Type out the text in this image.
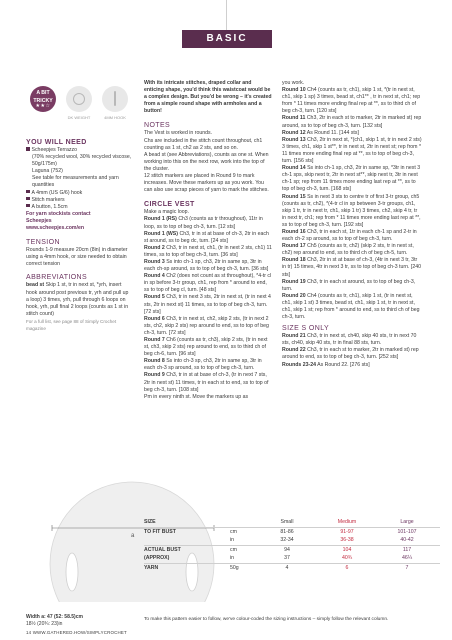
BASIC CIRCLE
A BIT
TRICKY
★★☆
DK WEIGHT	4MM HOOK
YOU WILL NEED
Scheepjes Terrazzo
(70% recycled wool, 30% recycled viscose, 50g/175m)
Laguna (752)
See table for measurements and yarn quantities
A 4mm (US G/6) hook
Stitch markers
A button, 1.5cm
For yarn stockists contact
Scheepjes
www.scheepjes.com/en
TENSION
Rounds 1-9 measure 20cm (8in) in diameter using a 4mm hook, or size needed to obtain correct tension
ABBREVIATIONS
bead st Skip 1 st, tr in next st, *yrh, insert hook around post previous tr, yrh and pull up a loop) 3 times, yrh, pull through 6 loops on hook, yrh, pull final 2 loops (counts as 1 st in stitch count)
For a full list, see page 88 of Simply Crochet magazine
With its intricate stitches, draped collar and enticing shape, you'd think this waistcoat would be a complex design. But you'd be wrong – it's created from a simple round shape with armholes and a button!
NOTES
The Vest is worked in rounds.
Chs are included in the stitch count throughout, ch1 counting as 1 st, ch2 as 2 sts, and so on.
A bead st (see Abbreviations), counts as one st. When working into this on the next row, work into the top of the cluster.
12 stitch markers are placed in Round 9 to mark increases. Move these markers up as you work. You can also use scrap pieces of yarn to mark the stitches.
CIRCLE VEST
Make a magic loop.
Round 1 (RS) Ch3 (counts as tr throughout), 11tr in loop, ss to top of beg ch-3, turn. [12 sts]
Round 1 (WS) Ch3, tr in st at base of ch-3, 2tr in each st around, ss to beg dc, turn. [24 sts]
Round 2 Ch3, tr in next st, ch1, (tr in next 2 sts, ch1) 11 times, ss to top of beg ch-3, turn. [36 sts]
Round 3 Ss into ch-1 sp, ch3, 2tr in same sp, 3tr in each ch-sp around, ss to top of beg ch-3, turn. [36 sts]
Round 4 Ch2 (does not count as st throughout), *4-tr cl in sp before 3-tr group, ch1, rep from * around to end, ss to top of beg cl, turn. [48 sts]
Round 5 Ch3, tr in next 3 sts, 2tr in next st, (tr in next 4 sts, 2tr in next st) 11 times, ss to top of beg ch-3, turn. [72 sts]
Round 6 Ch3, tr in next st, ch2, skip 2 sts, (tr in next 2 sts, ch2, skip 2 sts) rep around to end, ss to top of beg ch-3, turn. [72 sts]
Round 7 Ch6 (counts as tr, ch3), skip 2 sts, (tr in next st, ch3, skip 2 sts) rep around to end, ss to third ch of beg ch-6, turn. [96 sts]
Round 8 Ss into ch-3 sp, ch3, 2tr in same sp, 3tr in each ch-3 sp around, ss to top of beg ch-3, turn.
Round 9 Ch3, tr in st at base of ch-3, (tr in next 7 sts, 2tr in next st) 11 times, tr in each st to end, ss to top of beg ch-3, turn. [108 sts]
Pm in every ninth st. Move the markers up as
you work.
Round 10 Ch4 (counts as tr, ch1), skip 1 st, *(tr in next st, ch1, skip 1 sp) 3 times, bead st, ch1** , tr in next st, ch1; rep from * 11 times more ending final rep at **, ss to third ch of beg ch-3, turn. [120 sts]
Round 11 Ch3, 2tr in each st to marker, 2tr in marked st) rep around, ss to top of beg ch-3, turn. [132 sts]
Round 12 As Round 11. [144 sts]
Round 13 Ch3, 2tr in next st, *(ch1, skip 1 st, tr in next 2 sts) 3 times, ch1, skip 1 st**, tr in next st, 2tr in next st; rep from * 11 times more ending final rep at **, ss to top of beg ch-3, turn. [156 sts]
Round 14 Ss into ch-1 sp, ch3, 2tr in same sp, *3tr in next 3 ch-1 sps, skip next tr, 2tr in next st**, skip next tr, 3tr in next ch-1 sp; rep from 11 times more ending last rep at **, ss to top of beg ch-3, turn. [168 sts]
Round 15 Ss in next 3 sts to centre tr of first 3-tr group, ch5 (counts as tr, ch2), *(4-tr cl in sp between 3-tr groups, ch1, skip 1 tr, tr in next tr, ch1, skip 1 tr) 3 times, ch2, skip 4 tr, tr in next tr, ch1; rep from * 11 times more ending last rep at **, ss to top of beg ch-3, turn. [192 sts]
Round 16 Ch3, tr in each st, 1tr in each ch-1 sp and 2-tr in each ch-2 sp around, ss to top of beg ch-3, turn.
Round 17 Ch5 (counts as tr, ch2) (skip 2 sts, tr in next st, ch2) rep around to end, ss to third ch of beg ch-5, turn.
Round 18 Ch3, 2tr in st at base of ch-3, (4tr in next 3 tr, 3tr in tr) 15 times, 4tr in next 3 tr, ss to top of beg ch-3 turn. [240 sts]
Round 19 Ch3, tr in each st around, ss to top of beg ch-3, turn.
Round 20 Ch4 (counts as tr, ch1), skip 1 st, (tr in next st, ch1, skip 1 st) 3 times, bead st, ch1, skip 1 st, tr in next st, ch1, skip 1 st; rep from * around to end, ss to third ch of beg ch-3, turn.
SIZE S ONLY
Round 21 Ch3, tr in next st, ch40, skip 40 sts, tr in next 70 sts, ch40, skip 40 sts, tr in final 88 sts, turn.
Round 22 Ch3, tr in each st to marker, 2tr in marked st) rep around to end, ss to top of beg ch-3, turn. [252 sts]
Rounds 23-24 As Round 22. [276 sts]
a
Width a: 47 (52: 58.5)cm
18½ (20¾: 23)in
SIZE	Small	Medium	Large
TO FIT BUST	cm	81-86	91-97	101-107
in	32-34	36-38	40-42
ACTUAL BUST	cm	94	104	117
(APPROX)	in	37	40¾	46¼
YARN	50g	4	6	7
To make this pattern easier to follow, we've colour-coded the sizing instructions – simply follow the relevant column.
14 WWW.GATHERED.HOW/SIMPLYCROCHET
